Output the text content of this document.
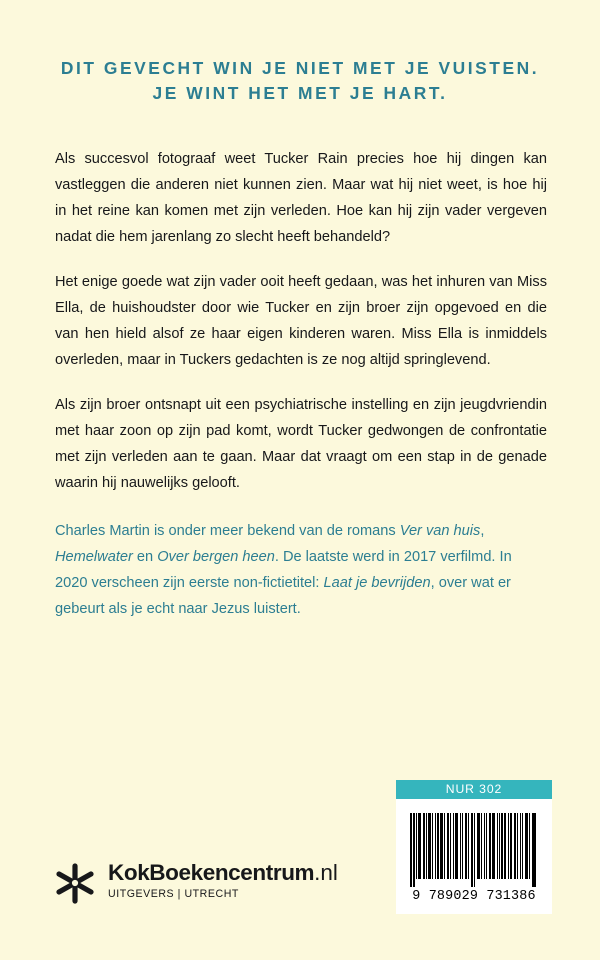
DIT GEVECHT WIN JE NIET MET JE VUISTEN.
JE WINT HET MET JE HART.

Als succesvol fotograaf weet Tucker Rain precies hoe hij dingen kan vastleggen die anderen niet kunnen zien. Maar wat hij niet weet, is hoe hij in het reine kan komen met zijn verleden. Hoe kan hij zijn vader vergeven nadat die hem jarenlang zo slecht heeft behandeld?

Het enige goede wat zijn vader ooit heeft gedaan, was het inhuren van Miss Ella, de huishoudster door wie Tucker en zijn broer zijn opgevoed en die van hen hield alsof ze haar eigen kinderen waren. Miss Ella is inmiddels overleden, maar in Tuckers gedachten is ze nog altijd springlevend.

Als zijn broer ontsnapt uit een psychiatrische instelling en zijn jeugdvriendin met haar zoon op zijn pad komt, wordt Tucker gedwongen de confrontatie met zijn verleden aan te gaan. Maar dat vraagt om een stap in de genade waarin hij nauwelijks gelooft.

Charles Martin is onder meer bekend van de romans Ver van huis, Hemelwater en Over bergen heen. De laatste werd in 2017 verfilmd. In 2020 verscheen zijn eerste non-fictietitel: Laat je bevrijden, over wat er gebeurt als je echt naar Jezus luistert.
KokBoekencentrum.nl
UITGEVERS | UTRECHT
NUR 302
9 789029 731386
